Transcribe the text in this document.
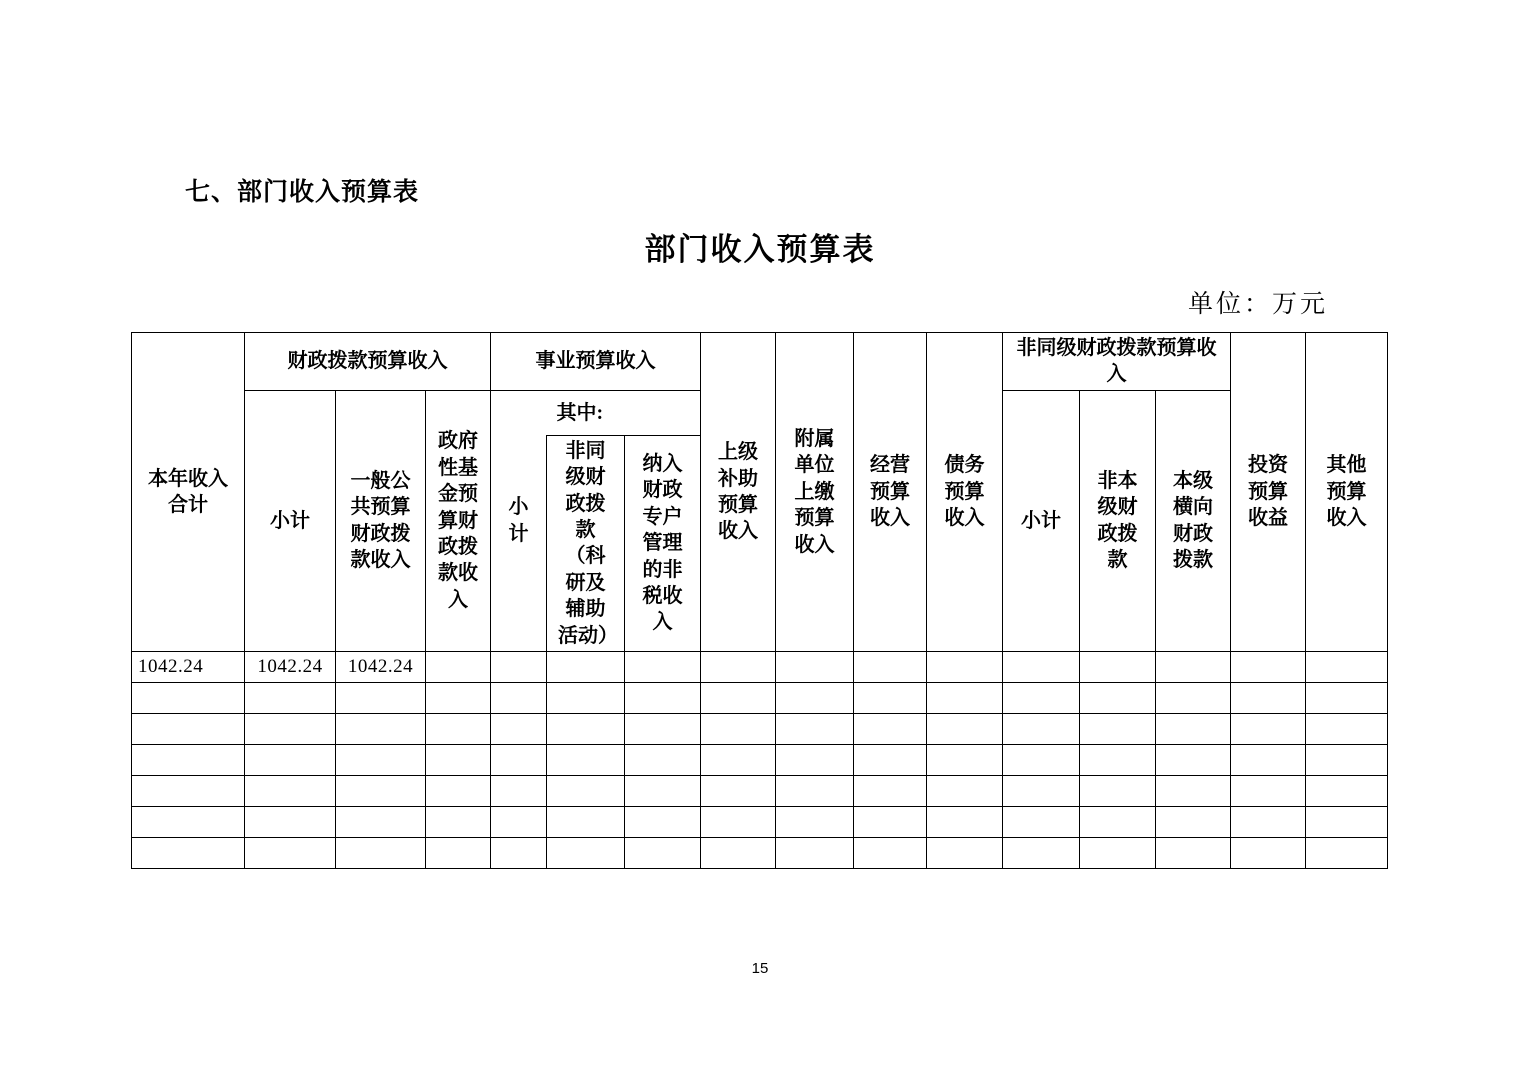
七、部门收入预算表
部门收入预算表
单位：万元
本年收入合计	财政拨款预算收入			事业预算收入			上级补助预算收入	附属单位上缴预算收入	经营预算收入	债务预算收入	非同级财政拨款预算收入			投资预算收益	其他预算收入
	小计	一般公共预算财政拨款收入	政府性基金预算财政拨款收入	小计	其中:						小计	非本级财政拨款	本级横向财政拨款		
					非同级财政拨款（科研及辅助活动）	纳入财政专户管理的非税收入									
1042.24	1042.24	1042.24													

15
